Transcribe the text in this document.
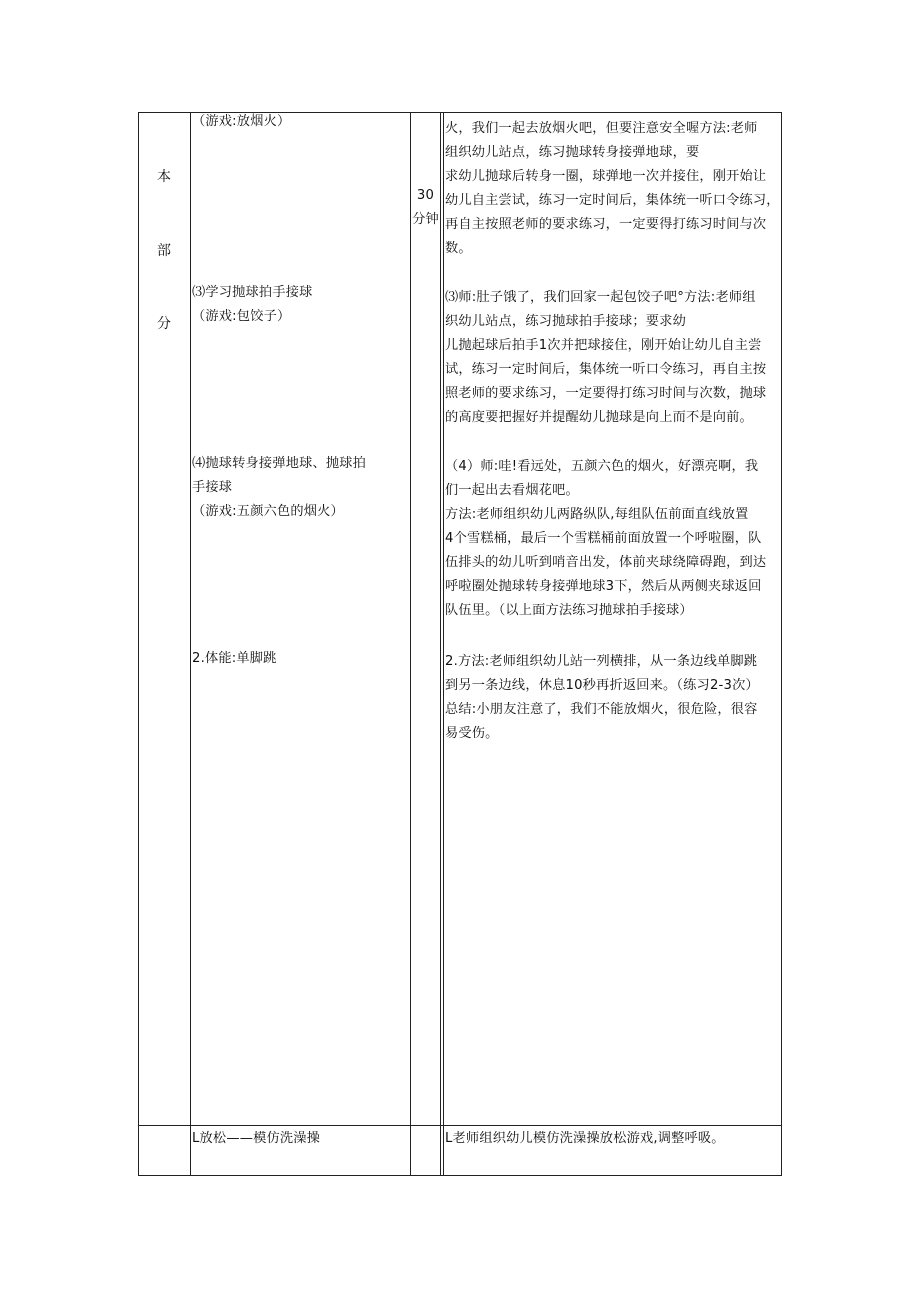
本
部
分
30
分钟
（游戏:放烟火）
⑶学习抛球拍手接球
（游戏:包饺子）
⑷抛球转身接弹地球、抛球拍
手接球
（游戏:五颜六色的烟火）
2.体能:单脚跳
火，我们一起去放烟火吧，但要注意安全喔方法:老师
组织幼儿站点，练习抛球转身接弹地球，要
求幼儿抛球后转身一圈，球弹地一次并接住，刚开始让
幼儿自主尝试，练习一定时间后，集体统一听口令练习，
再自主按照老师的要求练习，一定要得打练习时间与次
数。
⑶师:肚子饿了，我们回家一起包饺子吧°方法:老师组
织幼儿站点，练习抛球拍手接球；要求幼
儿抛起球后拍手1次并把球接住，刚开始让幼儿自主尝
试，练习一定时间后，集体统一听口令练习，再自主按
照老师的要求练习，一定要得打练习时间与次数，抛球
的高度要把握好并提醒幼儿抛球是向上而不是向前。
（4）师:哇!看远处，五颜六色的烟火，好漂亮啊，我
们一起出去看烟花吧。
方法:老师组织幼儿两路纵队,每组队伍前面直线放置
4个雪糕桶，最后一个雪糕桶前面放置一个呼啦圈，队
伍排头的幼儿听到哨音出发，体前夹球绕障碍跑，到达
呼啦圈处抛球转身接弹地球3下，然后从两侧夹球返回
队伍里。（以上面方法练习抛球拍手接球）
2.方法:老师组织幼儿站一列横排，从一条边线单脚跳
到另一条边线，休息10秒再折返回来。（练习2-3次）
总结:小朋友注意了，我们不能放烟火，很危险，很容
易受伤。
L放松——模仿洗澡操	L老师组织幼儿模仿洗澡操放松游戏,调整呼吸。
